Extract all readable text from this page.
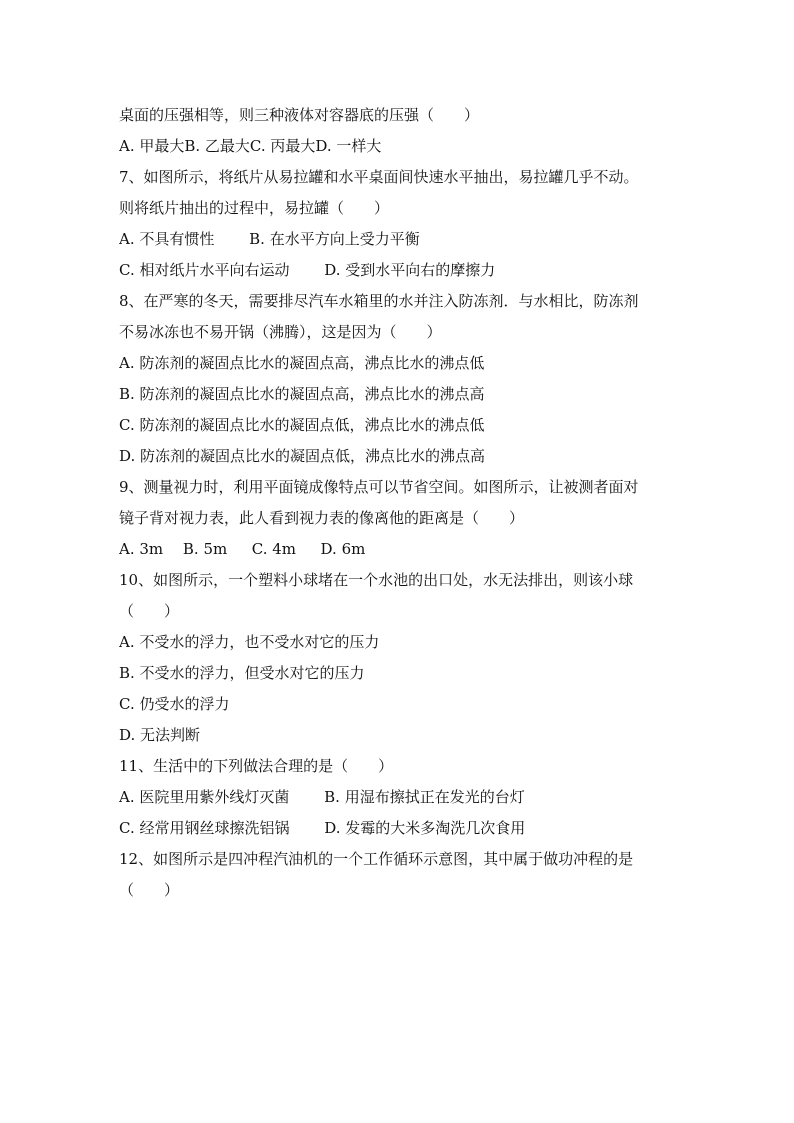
桌面的压强相等，则三种液体对容器底的压强（　　）
A. 甲最大B. 乙最大C. 丙最大D. 一样大
7、如图所示，将纸片从易拉罐和水平桌面间快速水平抽出，易拉罐几乎不动。
则将纸片抽出的过程中，易拉罐（　　）
A. 不具有惯性　　 B. 在水平方向上受力平衡
C. 相对纸片水平向右运动　　 D. 受到水平向右的摩擦力
8、在严寒的冬天，需要排尽汽车水箱里的水并注入防冻剂．与水相比，防冻剂
不易冰冻也不易开锅（沸腾），这是因为（　　）
A. 防冻剂的凝固点比水的凝固点高，沸点比水的沸点低
B. 防冻剂的凝固点比水的凝固点高，沸点比水的沸点高
C. 防冻剂的凝固点比水的凝固点低，沸点比水的沸点低
D. 防冻剂的凝固点比水的凝固点低，沸点比水的沸点高
9、测量视力时，利用平面镜成像特点可以节省空间。如图所示，让被测者面对
镜子背对视力表，此人看到视力表的像离他的距离是（　　）
A. 3m　 B. 5m　  C. 4m　  D. 6m
10、如图所示，一个塑料小球堵在一个水池的出口处，水无法排出，则该小球
（　　）
A. 不受水的浮力，也不受水对它的压力
B. 不受水的浮力，但受水对它的压力
C. 仍受水的浮力
D. 无法判断
11、生活中的下列做法合理的是（　　）
A. 医院里用紫外线灯灭菌　　 B. 用湿布擦拭正在发光的台灯
C. 经常用钢丝球擦洗铝锅　　 D. 发霉的大米多淘洗几次食用
12、如图所示是四冲程汽油机的一个工作循环示意图，其中属于做功冲程的是
（　　）
